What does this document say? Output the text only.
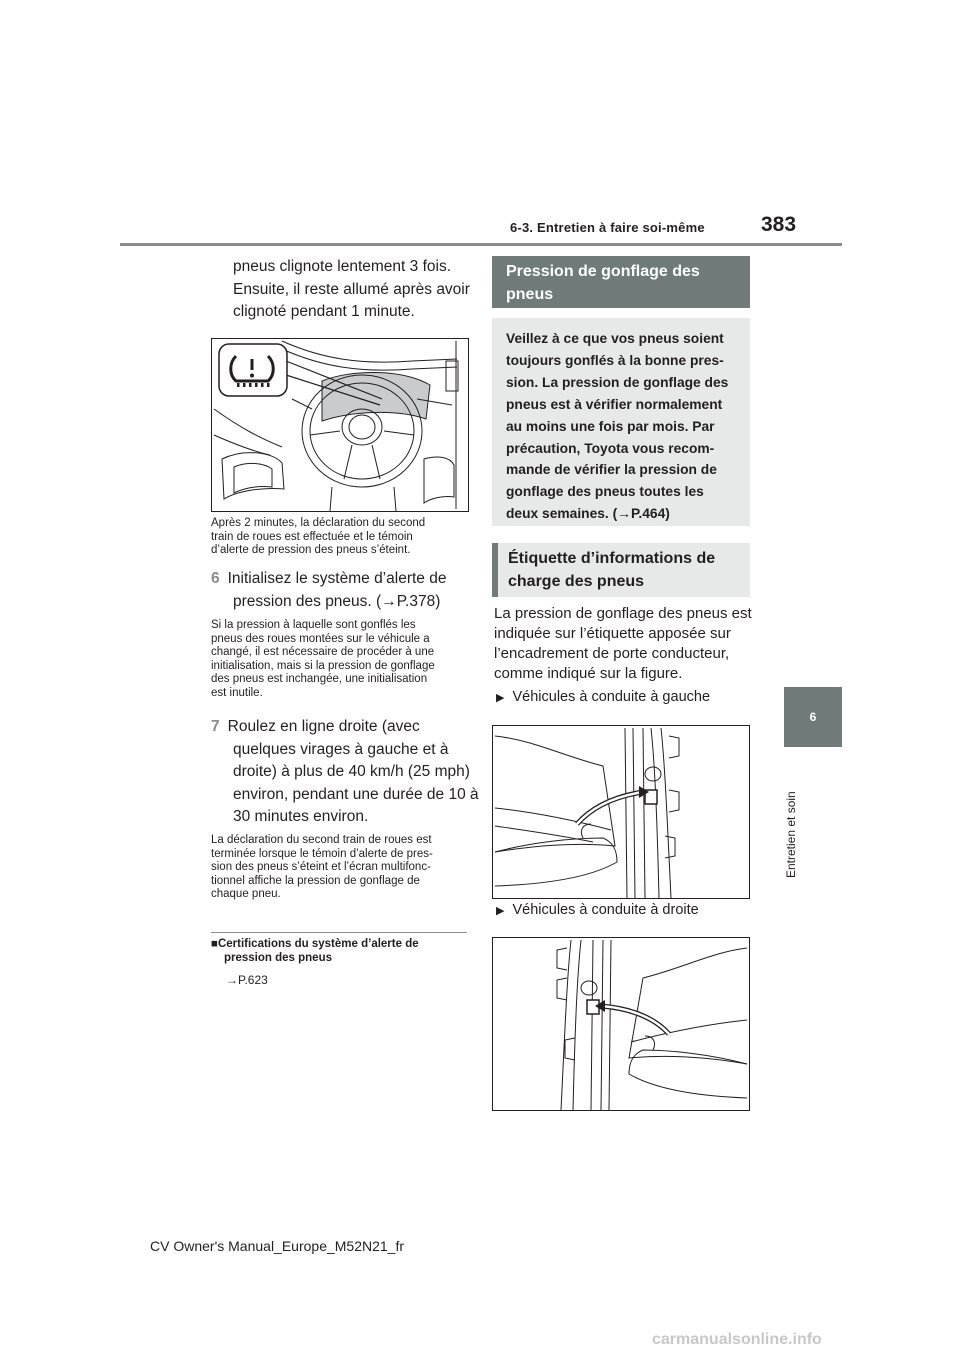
6-3. Entretien à faire soi-même	383
6
Entretien et soin
pneus clignote lentement 3 fois.
Ensuite, il reste allumé après avoir
clignoté pendant 1 minute.
Après 2 minutes, la déclaration du second
train de roues est effectuée et le témoin
d’alerte de pression des pneus s’éteint.
6 Initialisez le système d’alerte de
pression des pneus. (→P.378)
Si la pression à laquelle sont gonflés les
pneus des roues montées sur le véhicule a
changé, il est nécessaire de procéder à une
initialisation, mais si la pression de gonflage
des pneus est inchangée, une initialisation
est inutile.
7 Roulez en ligne droite (avec
quelques virages à gauche et à
droite) à plus de 40 km/h (25 mph)
environ, pendant une durée de 10 à
30 minutes environ.
La déclaration du second train de roues est
terminée lorsque le témoin d’alerte de pres-
sion des pneus s’éteint et l’écran multifonc-
tionnel affiche la pression de gonflage de
chaque pneu.
■Certifications du système d’alerte de
pression des pneus
→P.623
Pression de gonflage des
pneus
Veillez à ce que vos pneus soient
toujours gonflés à la bonne pres-
sion. La pression de gonflage des
pneus est à vérifier normalement
au moins une fois par mois. Par
précaution, Toyota vous recom-
mande de vérifier la pression de
gonflage des pneus toutes les
deux semaines. (→P.464)
Étiquette d’informations de
charge des pneus
La pression de gonflage des pneus est
indiquée sur l’étiquette apposée sur
l’encadrement de porte conducteur,
comme indiqué sur la figure.
▶ Véhicules à conduite à gauche
▶ Véhicules à conduite à droite
CV Owner's Manual_Europe_M52N21_fr
carmanualsonline.info
